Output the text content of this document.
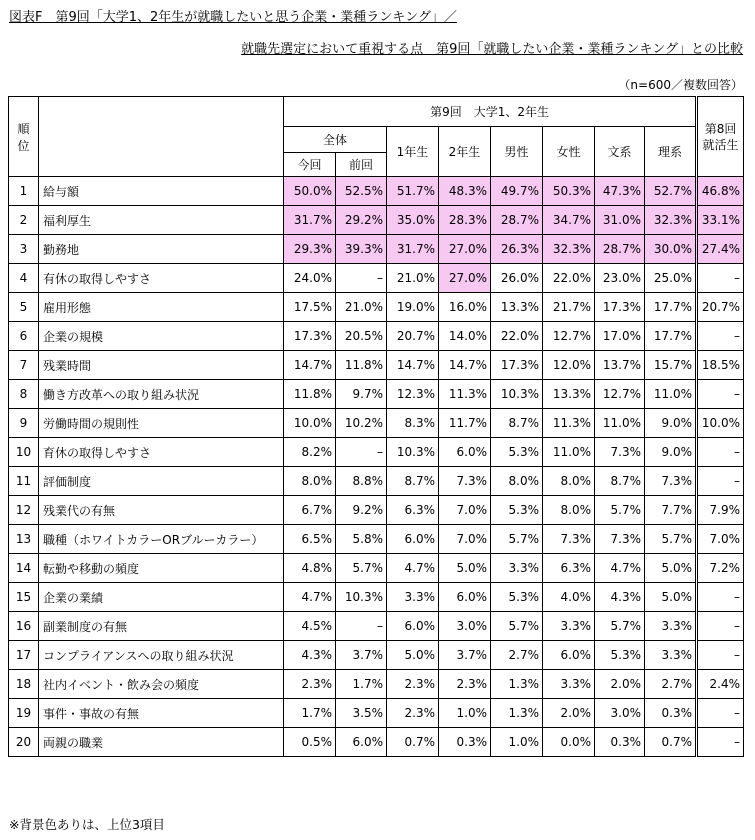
図表F　第9回「大学1、2年生が就職したいと思う企業・業種ランキング」／
就職先選定において重視する点　第9回「就職したい企業・業種ランキング」との比較
（n=600／複数回答）
順位		第9回　大学1、2年生								第8回
就活生
		全体		1年生	2年生	男性	女性	文系	理系	
		今回	前回							
1	給与額	50.0%	52.5%	51.7%	48.3%	49.7%	50.3%	47.3%	52.7%	46.8%
2	福利厚生	31.7%	29.2%	35.0%	28.3%	28.7%	34.7%	31.0%	32.3%	33.1%
3	勤務地	29.3%	39.3%	31.7%	27.0%	26.3%	32.3%	28.7%	30.0%	27.4%
4	有休の取得しやすさ	24.0%	–	21.0%	27.0%	26.0%	22.0%	23.0%	25.0%	–
5	雇用形態	17.5%	21.0%	19.0%	16.0%	13.3%	21.7%	17.3%	17.7%	20.7%
6	企業の規模	17.3%	20.5%	20.7%	14.0%	22.0%	12.7%	17.0%	17.7%	–
7	残業時間	14.7%	11.8%	14.7%	14.7%	17.3%	12.0%	13.7%	15.7%	18.5%
8	働き方改革への取り組み状況	11.8%	9.7%	12.3%	11.3%	10.3%	13.3%	12.7%	11.0%	–
9	労働時間の規則性	10.0%	10.2%	8.3%	11.7%	8.7%	11.3%	11.0%	9.0%	10.0%
10	育休の取得しやすさ	8.2%	–	10.3%	6.0%	5.3%	11.0%	7.3%	9.0%	–
11	評価制度	8.0%	8.8%	8.7%	7.3%	8.0%	8.0%	8.7%	7.3%	–
12	残業代の有無	6.7%	9.2%	6.3%	7.0%	5.3%	8.0%	5.7%	7.7%	7.9%
13	職種（ホワイトカラーORブルーカラー）	6.5%	5.8%	6.0%	7.0%	5.7%	7.3%	7.3%	5.7%	7.0%
14	転勤や移動の頻度	4.8%	5.7%	4.7%	5.0%	3.3%	6.3%	4.7%	5.0%	7.2%
15	企業の業績	4.7%	10.3%	3.3%	6.0%	5.3%	4.0%	4.3%	5.0%	–
16	副業制度の有無	4.5%	–	6.0%	3.0%	5.7%	3.3%	5.7%	3.3%	–
17	コンプライアンスへの取り組み状況	4.3%	3.7%	5.0%	3.7%	2.7%	6.0%	5.3%	3.3%	–
18	社内イベント・飲み会の頻度	2.3%	1.7%	2.3%	2.3%	1.3%	3.3%	2.0%	2.7%	2.4%
19	事件・事故の有無	1.7%	3.5%	2.3%	1.0%	1.3%	2.0%	3.0%	0.3%	–
20	両親の職業	0.5%	6.0%	0.7%	0.3%	1.0%	0.0%	0.3%	0.7%	–
※背景色ありは、上位3項目
